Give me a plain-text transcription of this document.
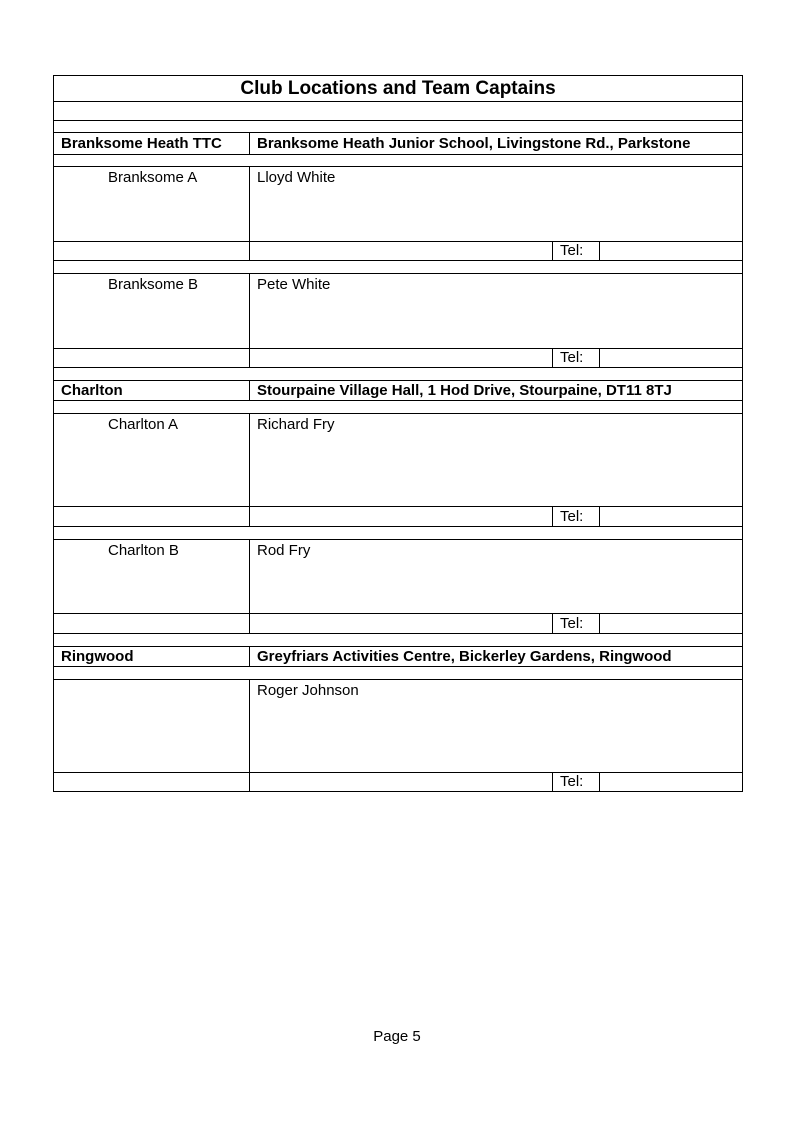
Club Locations and Team Captains			

Branksome Heath TTC	Branksome Heath Junior School, Livingstone Rd., Parkstone		

Branksome A	Lloyd White		
		Tel:	

Branksome B	Pete White		
		Tel:	

Charlton	Stourpaine Village Hall, 1 Hod Drive, Stourpaine, DT11 8TJ		

Charlton A	Richard Fry		
		Tel:	

Charlton B	Rod Fry		
		Tel:	

Ringwood	Greyfriars Activities Centre, Bickerley Gardens, Ringwood		

	Roger Johnson		
		Tel:	
Page 5
